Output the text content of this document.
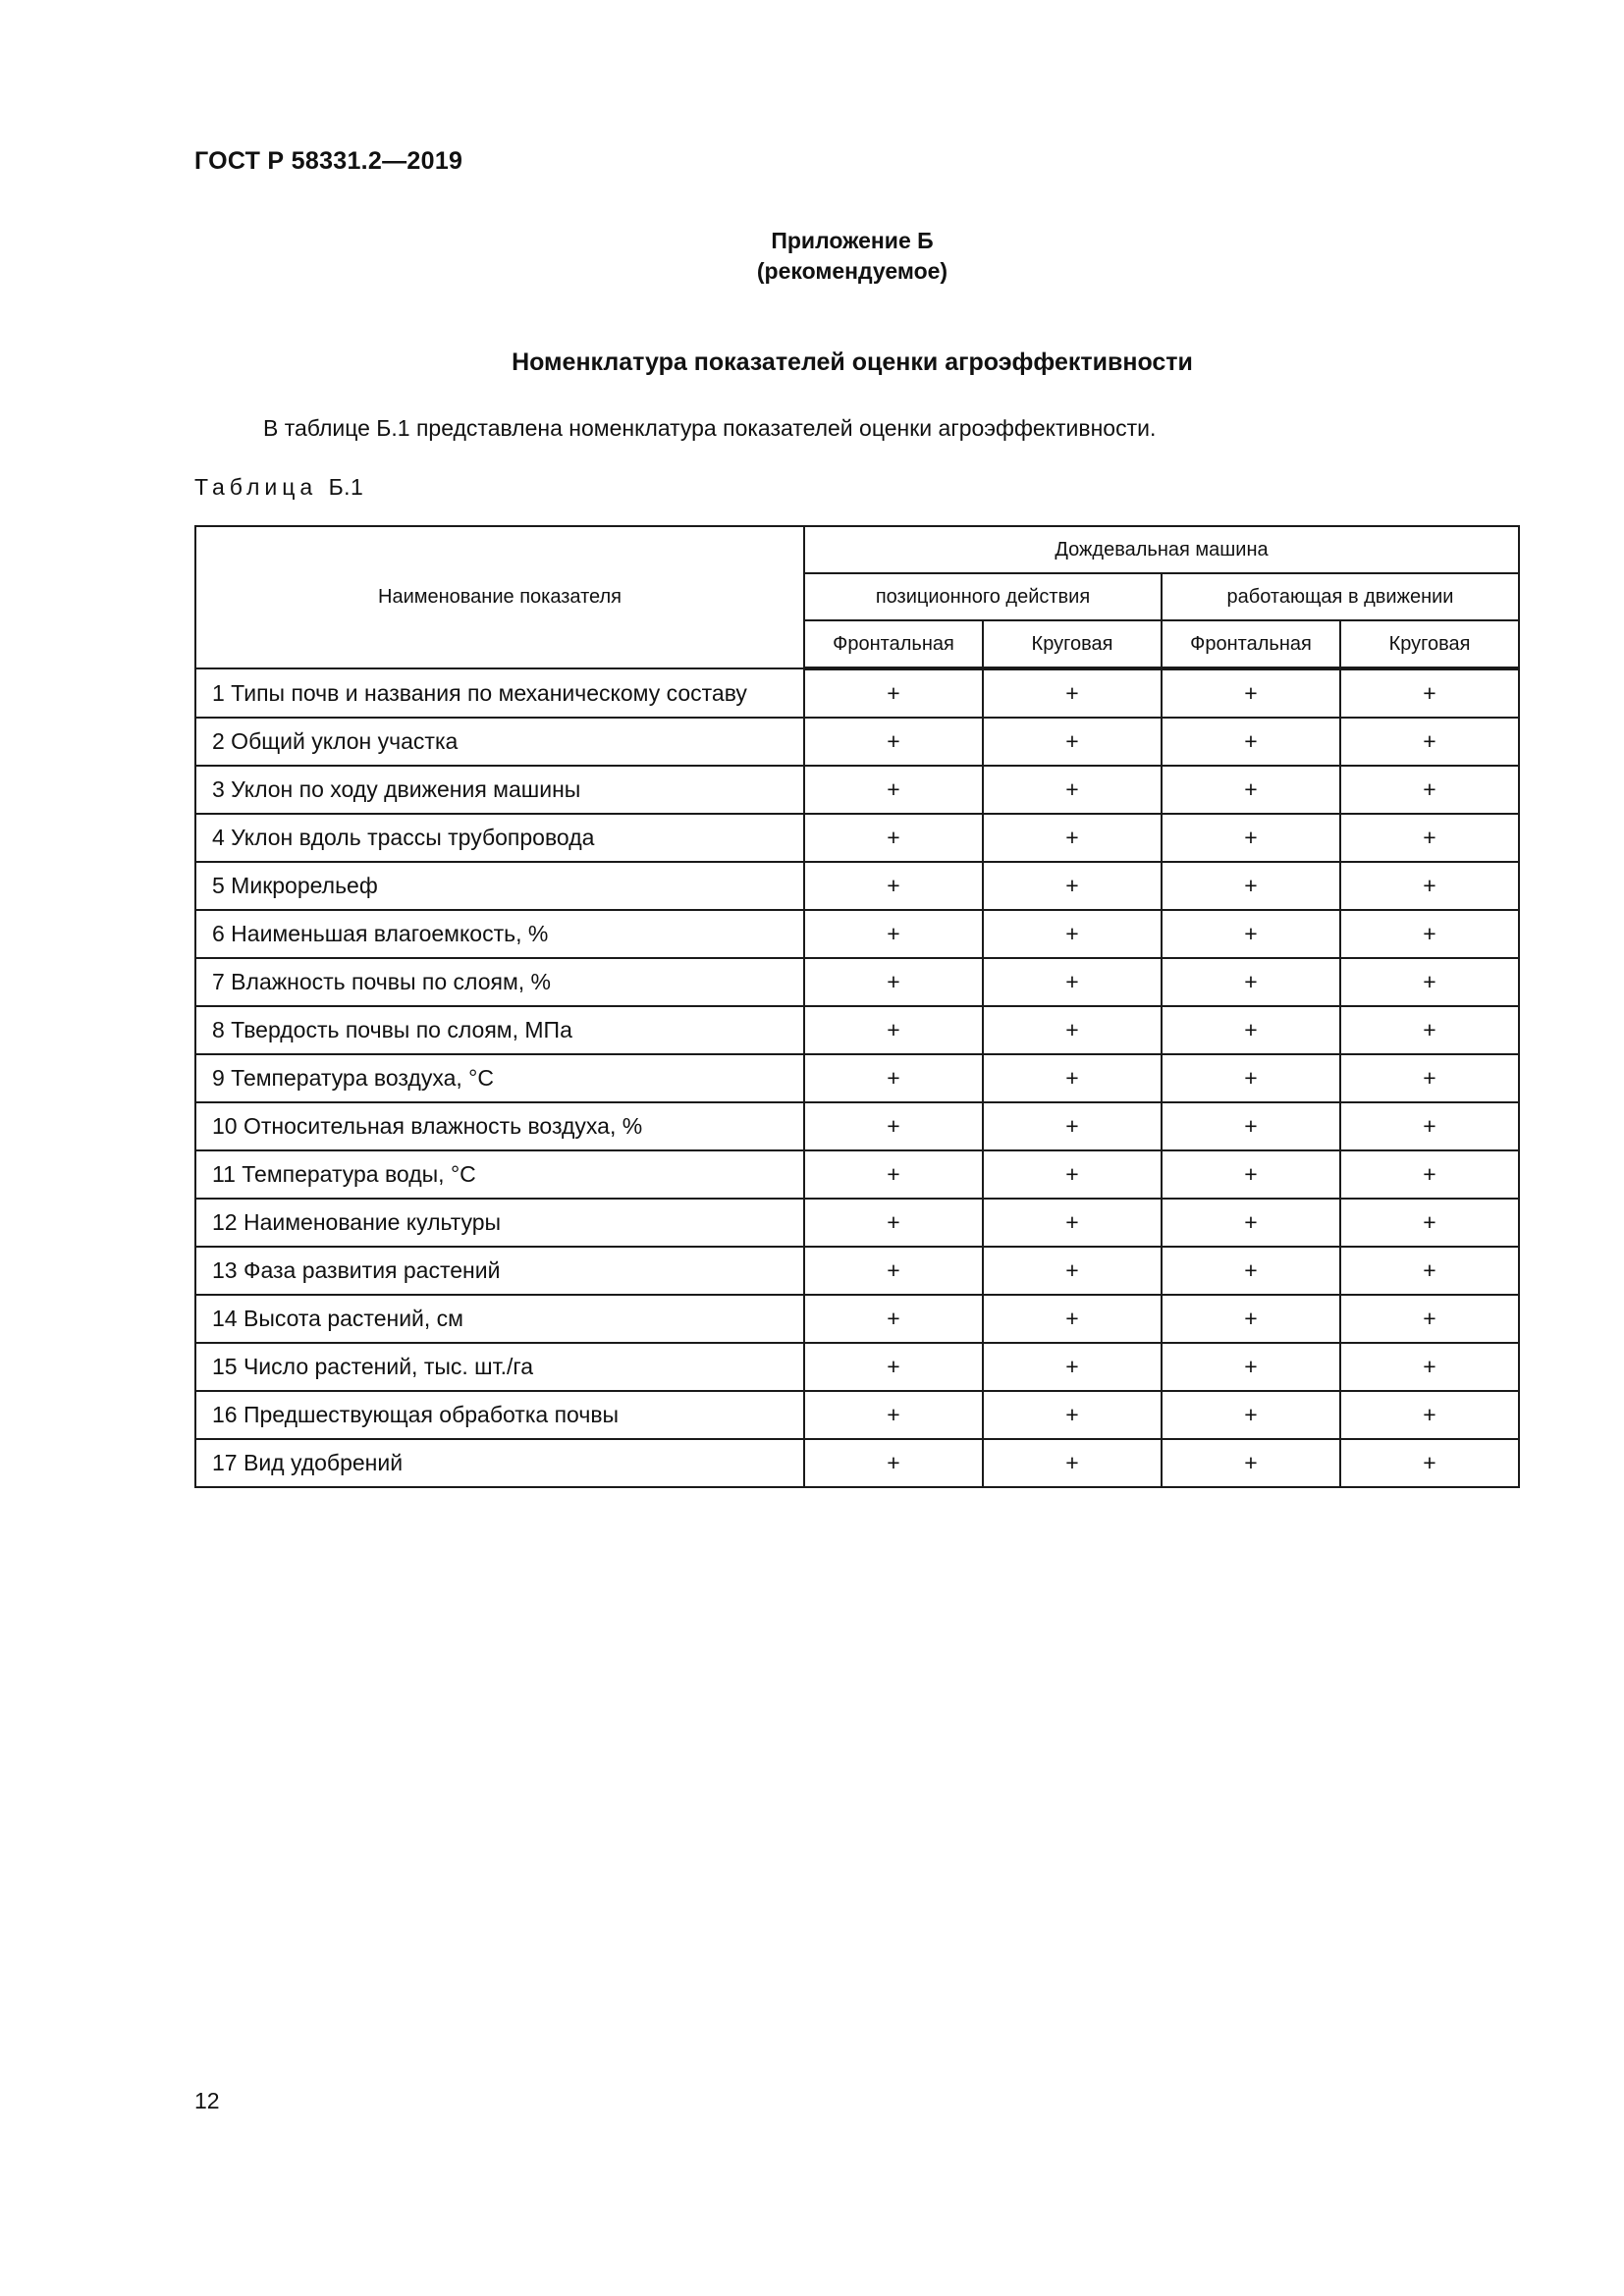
ГОСТ Р 58331.2—2019
Приложение Б
(рекомендуемое)
Номенклатура показателей оценки агроэффективности
В таблице Б.1 представлена номенклатура показателей оценки агроэффективности.
Таблица Б.1
Наименование показателя	Дождевальная машина			
	позиционного действия		работающая в движении	
	Фронтальная	Круговая	Фронтальная	Круговая
1 Типы почв и названия по механическому составу	+	+	+	+
2 Общий уклон участка	+	+	+	+
3 Уклон по ходу движения машины	+	+	+	+
4 Уклон вдоль трассы трубопровода	+	+	+	+
5 Микрорельеф	+	+	+	+
6 Наименьшая влагоемкость, %	+	+	+	+
7 Влажность почвы по слоям, %	+	+	+	+
8 Твердость почвы по слоям, МПа	+	+	+	+
9 Температура воздуха, °С	+	+	+	+
10 Относительная влажность воздуха, %	+	+	+	+
11 Температура воды, °С	+	+	+	+
12 Наименование культуры	+	+	+	+
13 Фаза развития растений	+	+	+	+
14 Высота растений, см	+	+	+	+
15 Число растений, тыс. шт./га	+	+	+	+
16 Предшествующая обработка почвы	+	+	+	+
17 Вид удобрений	+	+	+	+
12
